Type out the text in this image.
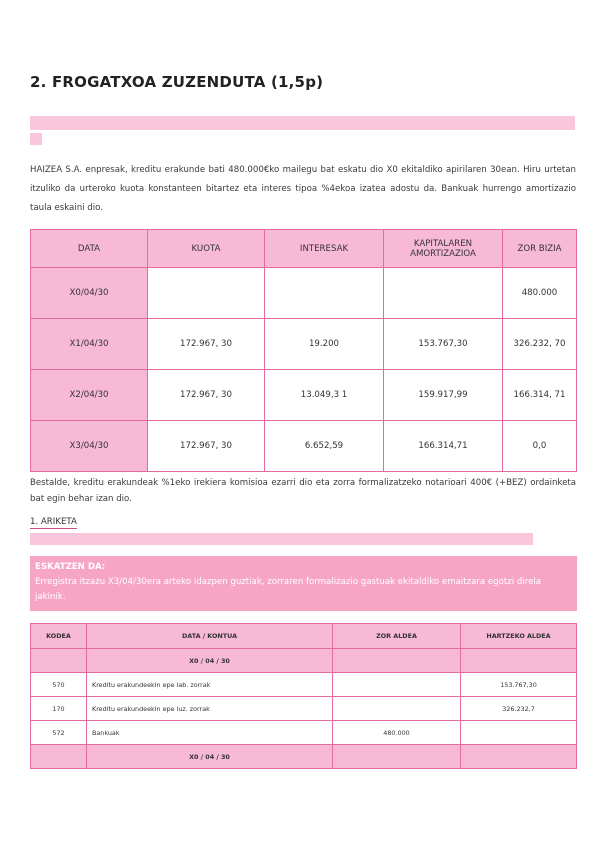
2. FROGATXOA ZUZENDUTA (1,5p)
HAIZEA S.A. enpresak, kreditu erakunde bati 480.000€ko mailegu bat eskatu dio X0 ekitaldiko apirilaren 30ean. Hiru urtetan itzuliko da urteroko kuota konstanteen bitartez eta interes tipoa %4ekoa izatea adostu da. Bankuak hurrengo amortizazio taula eskaini dio.
DATA	KUOTA	INTERESAK	KAPITALAREN AMORTIZAZIOA	ZOR BIZIA
X0/04/30				480.000
X1/04/30	172.967, 30	19.200	153.767,30	326.232, 70
X2/04/30	172.967, 30	13.049,3 1	159.917,99	166.314, 71
X3/04/30	172.967, 30	6.652,59	166.314,71	0,0
Bestalde, kreditu erakundeak %1eko irekiera komisioa ezarri dio eta zorra formalizatzeko notarioari 400€ (+BEZ) ordainketa bat egin behar izan dio.
1. ARIKETA
ESKATZEN DA:
Erregistra itzazu X3/04/30era arteko idazpen guztiak, zorraren formalizazio gastuak ekitaldiko emaitzara egotzi direla jakinik.
KODEA	DATA / KONTUA	ZOR ALDEA	HARTZEKO ALDEA
	X0 / 04 / 30		
570	Kreditu erakundeekin epe lab. zorrak		153.767,30
170	Kreditu erakundeekin epe luz. zorrak		326.232,7
572	Bankuak	480.000	
	X0 / 04 / 30		
